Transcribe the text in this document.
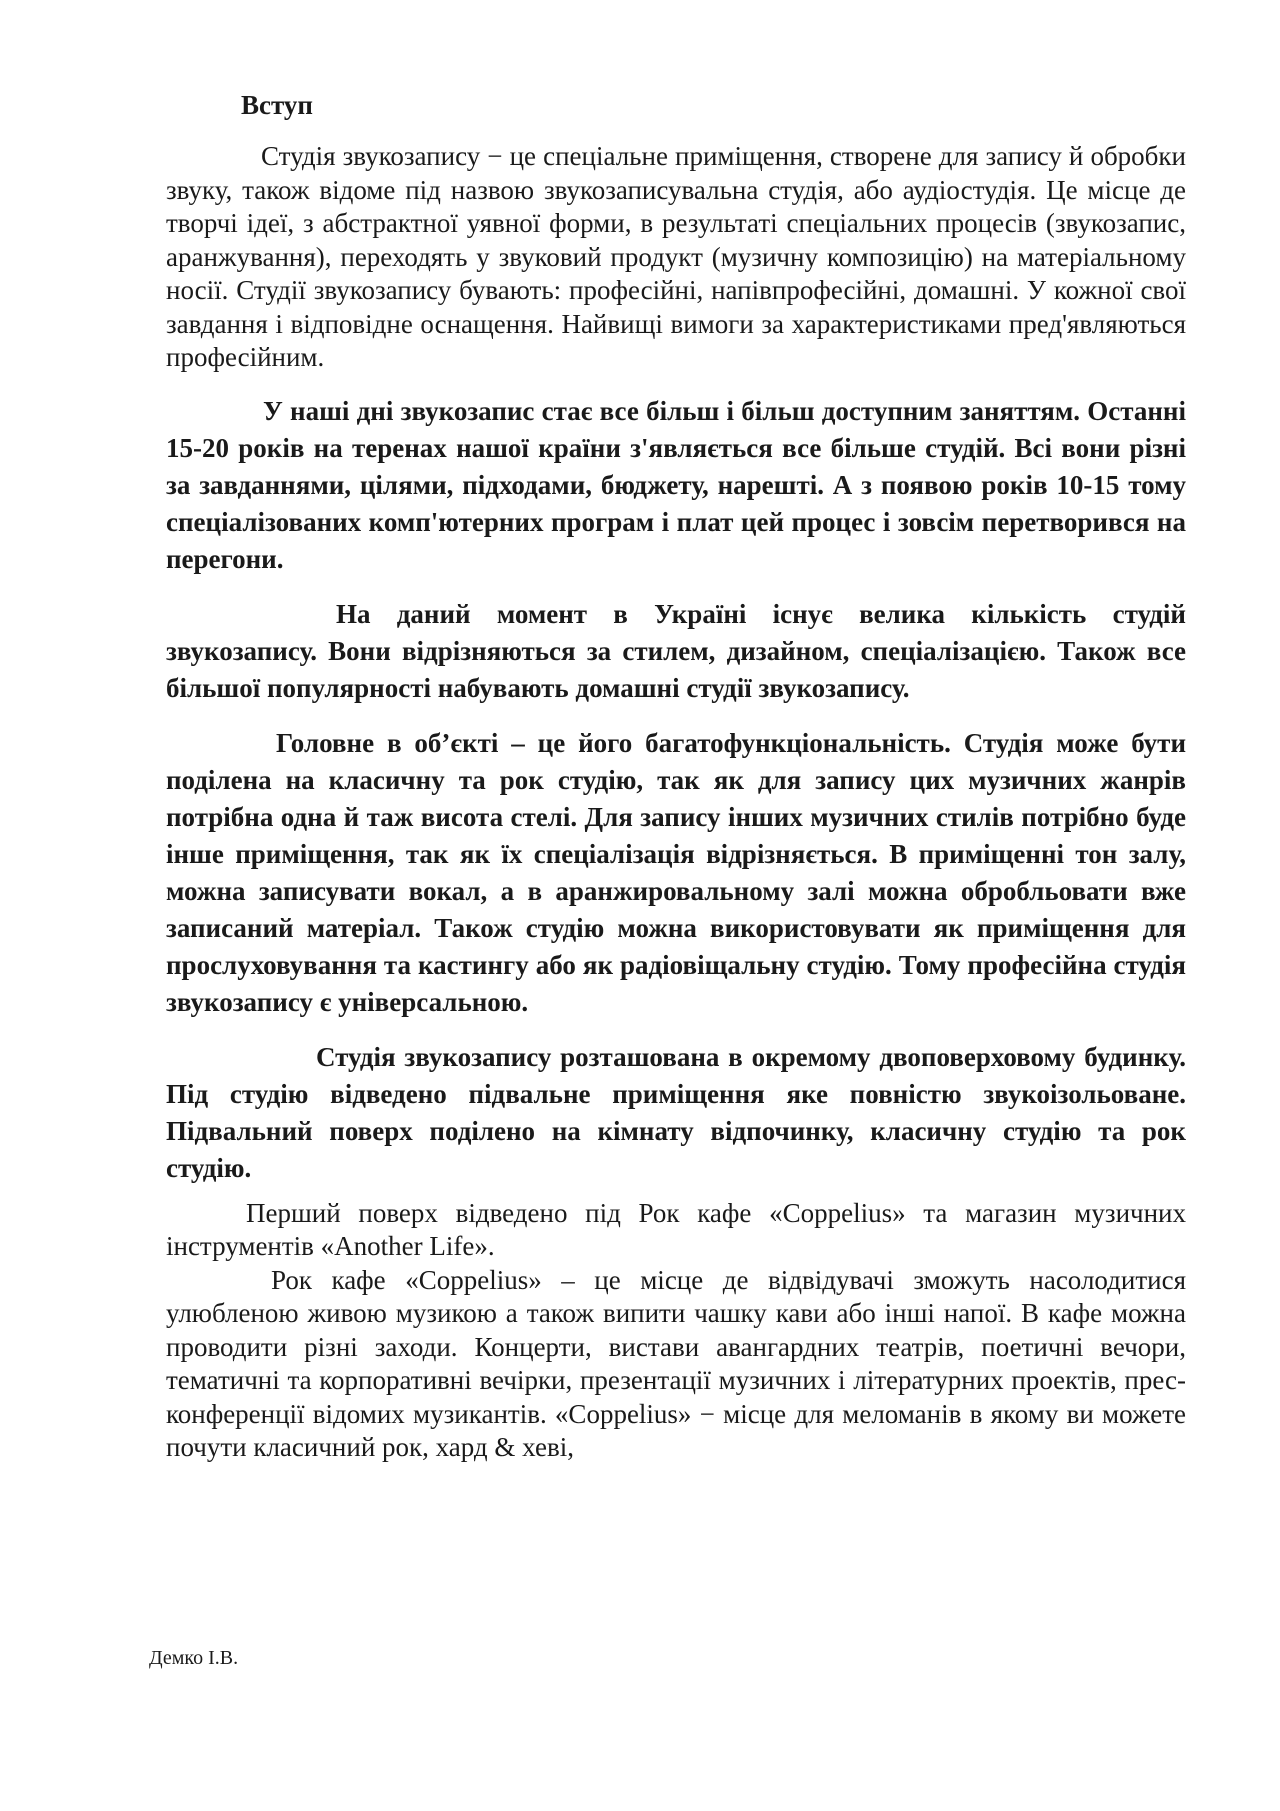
Вступ

Студія звукозапису − це спеціальне приміщення, створене для запису й обробки звуку, також відоме під назвою звукозаписувальна студія, або аудіостудія. Це місце де творчі ідеї, з абстрактної уявної форми, в результаті спеціальних процесів (звукозапис, аранжування), переходять у звуковий продукт (музичну композицію) на матеріальному носії. Студії звукозапису бувають: професійні, напівпрофесійні, домашні. У кожної свої завдання і відповідне оснащення. Найвищі вимоги за характеристиками пред'являються професійним.

У наші дні звукозапис стає все більш і більш доступним заняттям. Останні 15-20 років на теренах нашої країни з'являється все більше студій. Всі вони різні за завданнями, цілями, підходами, бюджету, нарешті. А з появою років 10-15 тому спеціалізованих комп'ютерних програм і плат цей процес і зовсім перетворився на перегони.

На даний момент в Україні існує велика кількість студій звукозапису. Вони відрізняються за стилем, дизайном, спеціалізацією. Також все більшої популярності набувають домашні студії звукозапису.

Головне в об’єкті – це його багатофункціональність. Студія може бути поділена на класичну та рок студію, так як для запису цих музичних жанрів потрібна одна й таж висота стелі. Для запису інших музичних стилів потрібно буде інше приміщення, так як їх спеціалізація відрізняється. В приміщенні тон залу, можна записувати вокал, а в аранжировальному залі можна обробльовати вже записаний матеріал. Також студію можна використовувати як приміщення для прослуховування та кастингу або як радіовіщальну студію. Тому професійна студія звукозапису є універсальною.

Студія звукозапису розташована в окремому двоповерховому будинку. Під студію відведено підвальне приміщення яке повністю звукоізольоване. Підвальний поверх поділено на кімнату відпочинку, класичну студію та рок студію.

Перший поверх відведено під Рок кафе «Coppelius» та магазин музичних інструментів «Another Life».

Рок кафе «Coppelius» – це місце де відвідувачі зможуть насолодитися улюбленою живою музикою а також випити чашку кави або інші напої. В кафе можна проводити різні заходи. Концерти, вистави авангардних театрів, поетичні вечори, тематичні та корпоративні вечірки, презентації музичних і літературних проектів, прес-конференції відомих музикантів. «Coppelius» − місце для меломанів в якому ви можете почути класичний рок, хард & хеві,

Демко І.В.
